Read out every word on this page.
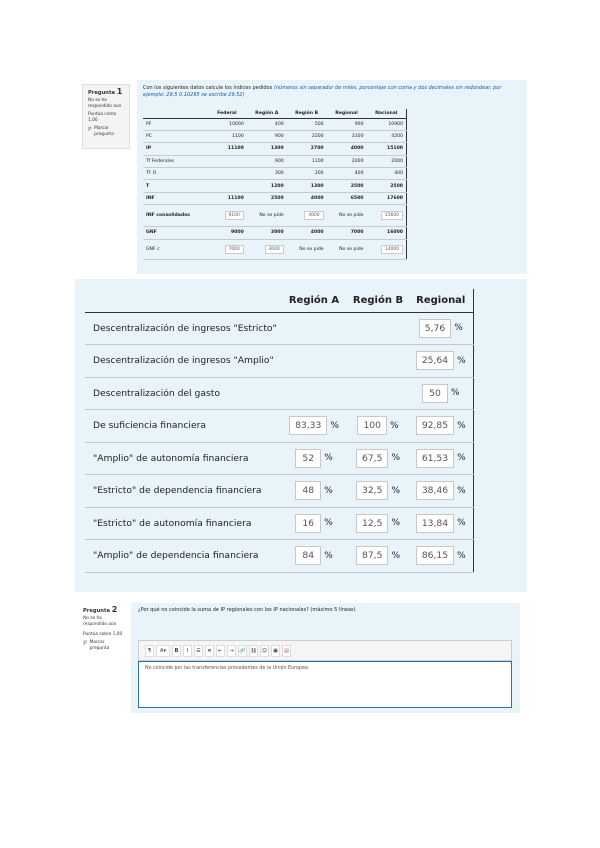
Pregunta 1
No se ha respondido aún
Puntúa como 1,00
Marcar pregunta
Con los siguientes datos calcule los índices pedidos (números sin separador de miles, porcentaje con coma y dos decimales sin redondear, por ejemplo: 29,5 0.10295 se escribe 29,52)
	Federal	Región A	Región B	Regional	Nacional
PF	10000	400	500	900	10900
PC	1100	900	2200	3100	4200
IP	11100	1300	2700	4000	15100
Tf Federales		900	1100	2000	2000
Tf. R		300	200	400	400
T		1200	1300	2500	2500
INF	11100	2500	4000	6500	17600
INF consolidados	9100	No se pide	4000	No se pide	15600
GNF	9000	3000	4000	7000	16000
GNF c	7000	3000	No se pide	No se pide	14000
	Región A	Región B	Regional
Descentralización de ingresos "Estricto"			5,76 %

Descentralización de ingresos "Amplio"			25,64 %

Descentralización del gasto			50 %

De suficiencia financiera	83,33 %	100 %	92,85 %

"Amplio" de autonomía financiera	52 %	67,5 %	61,53 %

"Estricto" de dependencia financiera	48 %	32,5 %	38,46 %

"Estricto" de autonomía financiera	16 %	12,5 %	13,84 %

"Amplio" de dependencia financiera	84 %	87,5 %	86,15 %
Pregunta 2
No se ha respondido aún
Puntúa sobre 1,00
Marcar pregunta
¿Por qué no coincide la suma de IP regionales con los IP nacionales? (máximo 5 líneas)
¶	A▾	B	I	☰	≣	⇤	⇥	🔗 ⛓	☺	▣	▤
No coincide por las transferencias procedentes de la Unión Europea.
